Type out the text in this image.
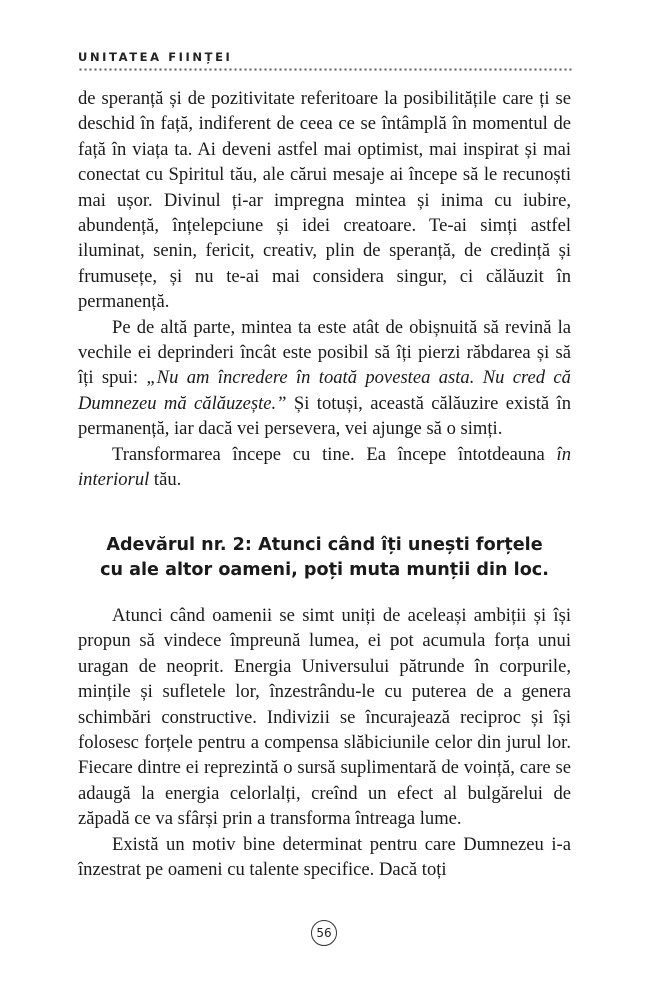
UNITATEA FIINȚEI

de speranță și de pozitivitate referitoare la posibilitățile care ți se deschid în față, indiferent de ceea ce se întâmplă în momentul de față în viața ta. Ai deveni astfel mai optimist, mai inspirat și mai conectat cu Spiritul tău, ale cărui mesaje ai începe să le recunoști mai ușor. Divinul ți-ar impregna mintea și inima cu iubire, abundență, înțelepciune și idei creatoare. Te-ai simți astfel iluminat, senin, fericit, creativ, plin de speranță, de credință și frumusețe, și nu te-ai mai considera singur, ci călăuzit în permanență.

Pe de altă parte, mintea ta este atât de obișnuită să revină la vechile ei deprinderi încât este posibil să îți pierzi răbdarea și să îți spui: „Nu am încredere în toată povestea asta. Nu cred că Dumnezeu mă călăuzește.” Și totuși, această călăuzire există în permanență, iar dacă vei persevera, vei ajunge să o simți.

Transformarea începe cu tine. Ea începe întotdeauna în interiorul tău.

Adevărul nr. 2: Atunci când îți unești forțele
cu ale altor oameni, poți muta munții din loc.

Atunci când oamenii se simt uniți de aceleași ambiții și își propun să vindece împreună lumea, ei pot acumula forța unui uragan de neoprit. Energia Universului pătrunde în corpurile, mințile și sufletele lor, înzestrându-le cu puterea de a genera schimbări constructive. Indivizii se încurajează reciproc și își folosesc forțele pentru a compensa slăbiciunile celor din jurul lor. Fiecare dintre ei reprezintă o sursă suplimentară de voință, care se adaugă la energia celorlalți, creînd un efect al bulgărelui de zăpadă ce va sfârși prin a transforma întreaga lume.

Există un motiv bine determinat pentru care Dumnezeu i-a înzestrat pe oameni cu talente specifice. Dacă toți

56
